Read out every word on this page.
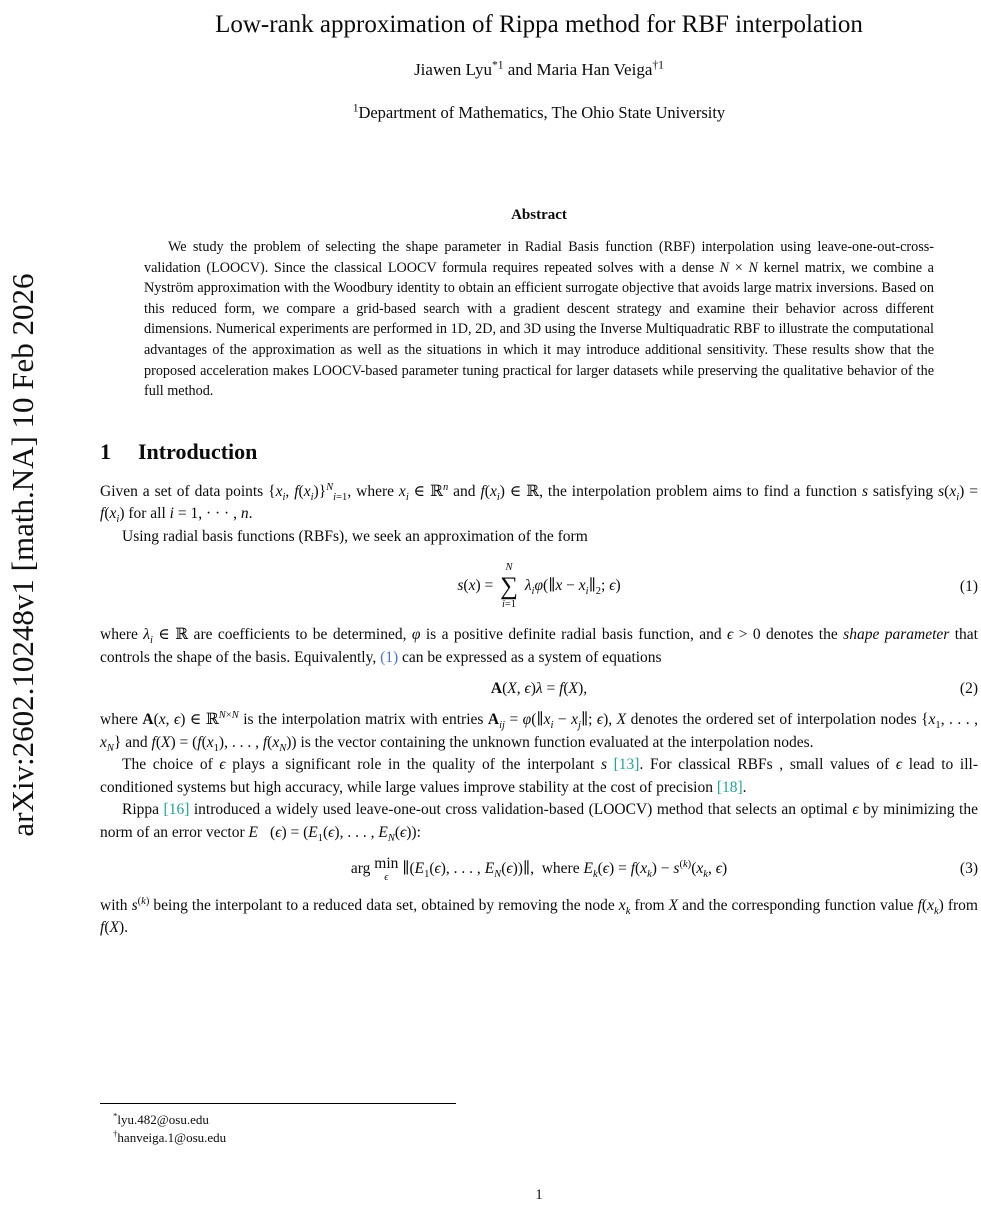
arXiv:2602.10248v1 [math.NA] 10 Feb 2026
Low-rank approximation of Rippa method for RBF interpolation
Jiawen Lyu$^{*1}$ and Maria Han Veiga$^{\dagger 1}$
$^1$Department of Mathematics, The Ohio State University
Abstract

We study the problem of selecting the shape parameter in Radial Basis function (RBF) interpolation using leave-one-out-cross-validation (LOOCV). Since the classical LOOCV formula requires repeated solves with a dense N × N kernel matrix, we combine a Nyström approximation with the Woodbury identity to obtain an efficient surrogate objective that avoids large matrix inversions. Based on this reduced form, we compare a grid-based search with a gradient descent strategy and examine their behavior across different dimensions. Numerical experiments are performed in 1D, 2D, and 3D using the Inverse Multiquadratic RBF to illustrate the computational advantages of the approximation as well as the situations in which it may introduce additional sensitivity. These results show that the proposed acceleration makes LOOCV-based parameter tuning practical for larger datasets while preserving the qualitative behavior of the full method.

1 Introduction

Given a set of data points {$x_i$, $f(x_i)\}^N_{i=1}$, where $x_i$ ∈ ℝ$^n$ and $f(x_i)$ ∈ ℝ, the interpolation problem aims to find a function s satisfying $s(x_i) = f(x_i)$ for all i = 1, · · · , n.

Using radial basis functions (RBFs), we seek an approximation of the form

s(x) =
N
∑
i=1
$\lambda_i\varphi(\parallel x$ − $x_i\parallel_2$; ϵ)	(1)

where $\lambda_i$ ∈ ℝ are coefficients to be determined, φ is a positive definite radial basis function, and ϵ > 0 denotes the shape parameter that controls the shape of the basis. Equivalently, (1) can be expressed as a system of equations

A(X, ϵ)λ = f(X),	(2)

where A(x, ϵ) ∈ ℝ$^{N\times N}$ is the interpolation matrix with entries $A_{ij}$ = $\varphi(\parallel x_i$ − $x_j\parallel$; ϵ), X denotes the ordered set of interpolation nodes {$x_1$, . . . , $x_N$} and $f(X) = (f(x_1)$, . . . , $f(x_N)$) is the vector containing the unknown function evaluated at the interpolation nodes.

The choice of ϵ plays a significant role in the quality of the interpolant s [13]. For classical RBFs , small values of ϵ lead to ill-conditioned systems but high accuracy, while large values improve stability at the cost of precision [18].

Rippa [16] introduced a widely used leave-one-out cross validation-based (LOOCV) method that selects an optimal ϵ by minimizing the norm of an error vector E⃗(ϵ) = ($E_1(\epsilon)$, . . . , $E_N(\epsilon)$):

arg min
ϵ
$\parallel(E_1(\epsilon)$, . . . , $E_N(\epsilon))\parallel$,  where $E_k(\epsilon) = f(x_k) - s^{(k)}(x_k$, ϵ)	(3)

with $s^{(k)}$ being the interpolant to a reduced data set, obtained by removing the node $x_k$ from X and the corresponding function value $f(x_k)$ from f(X).

*lyu.482@osu.edu
†hanveiga.1@osu.edu
1
